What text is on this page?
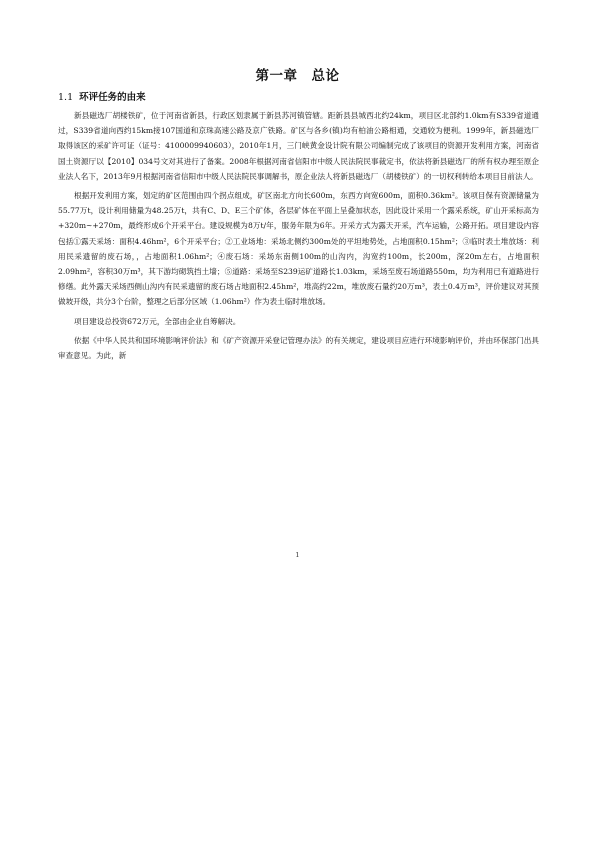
第一章　总论
1.1 环评任务的由来

新县磁选厂胡楼铁矿，位于河南省新县，行政区划隶属于新县苏河镇管辖。距新县县城西北约24km，项目区北部约1.0km有S339省道通过，S339省道向西约15km接107国道和京珠高速公路及京广铁路。矿区与各乡(镇)均有柏油公路相通，交通较为便利。1999年，新县磁选厂取得该区的采矿许可证（证号：4100009940603），2010年1月，三门峡黄金设计院有限公司编制完成了该项目的资源开发利用方案，河南省国土资源厅以【2010】034号文对其进行了备案。2008年根据河南省信阳市中级人民法院民事裁定书，依法将新县磁选厂的所有权办理至原企业法人名下，2013年9月根据河南省信阳市中级人民法院民事调解书，原企业法人将新县磁选厂（胡楼铁矿）的一切权利转给本项目目前法人。

根据开发利用方案，划定的矿区范围由四个拐点组成，矿区南北方向长600m，东西方向宽600m，面积0.36km²。该项目保有资源储量为55.77万t，设计利用储量为48.25万t，共有C、D、E三个矿体，各层矿体在平面上呈叠加状态，因此设计采用一个露采系统，矿山开采标高为+320m~+270m，最终形成6个开采平台。建设规模为8万t/年，服务年限为6年。开采方式为露天开采，汽车运输，公路开拓。项目建设内容包括①露天采场：面积4.46hm²，6个开采平台；②工业场地：采场北侧约300m处的平坦地势处，占地面积0.15hm²；③临时表土堆放场：利用民采遗留的废石场，，占地面积1.06hm²；④废石场：采场东南侧100m的山沟内，沟宽约100m，长200m，深20m左右，占地面积2.09hm²，容积30万m³，其下游均砌筑挡土墙；⑤道路：采场至S239运矿道路长1.03km，采场至废石场道路550m，均为利用已有道路进行修缮。此外露天采场西侧山沟内有民采遗留的废石场占地面积2.45hm²，堆高约22m，堆放废石量约20万m³，表土0.4万m³，评价建议对其预做坡开级，共分3个台阶，整理之后部分区域（1.06hm²）作为表土临时堆放场。

项目建设总投资672万元，全部由企业自筹解决。

依据《中华人民共和国环境影响评价法》和《矿产资源开采登记管理办法》的有关规定，建设项目应进行环境影响评价，并由环保部门出具审查意见。为此，新

1
